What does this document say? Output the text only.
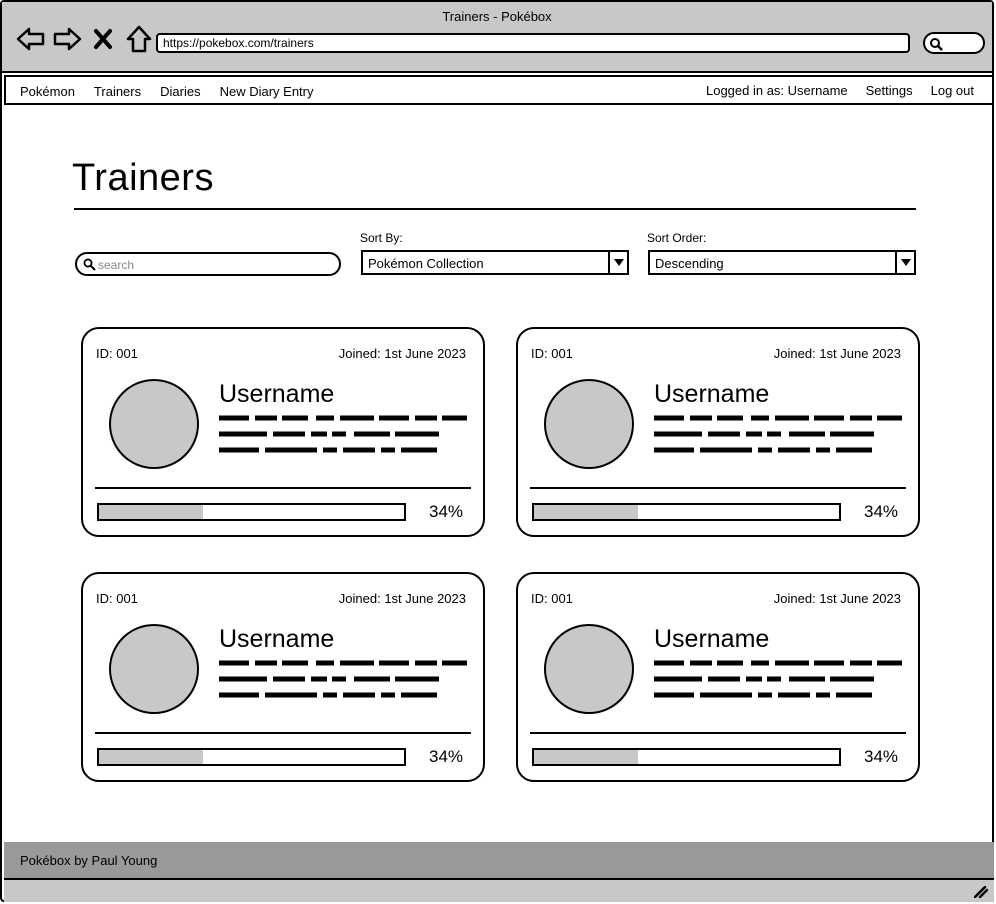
Trainers - Pokébox
https://pokebox.com/trainers
Pokémon Trainers Diaries New Diary Entry	Logged in as: Username Settings Log out
Trainers
search
Sort By:
Pokémon Collection
Sort Order:
Descending
ID: 001	Joined: 1st June 2023
Username
34%
ID: 001	Joined: 1st June 2023
Username
34%
ID: 001	Joined: 1st June 2023
Username
34%
ID: 001	Joined: 1st June 2023
Username
34%
Pokébox by Paul Young
